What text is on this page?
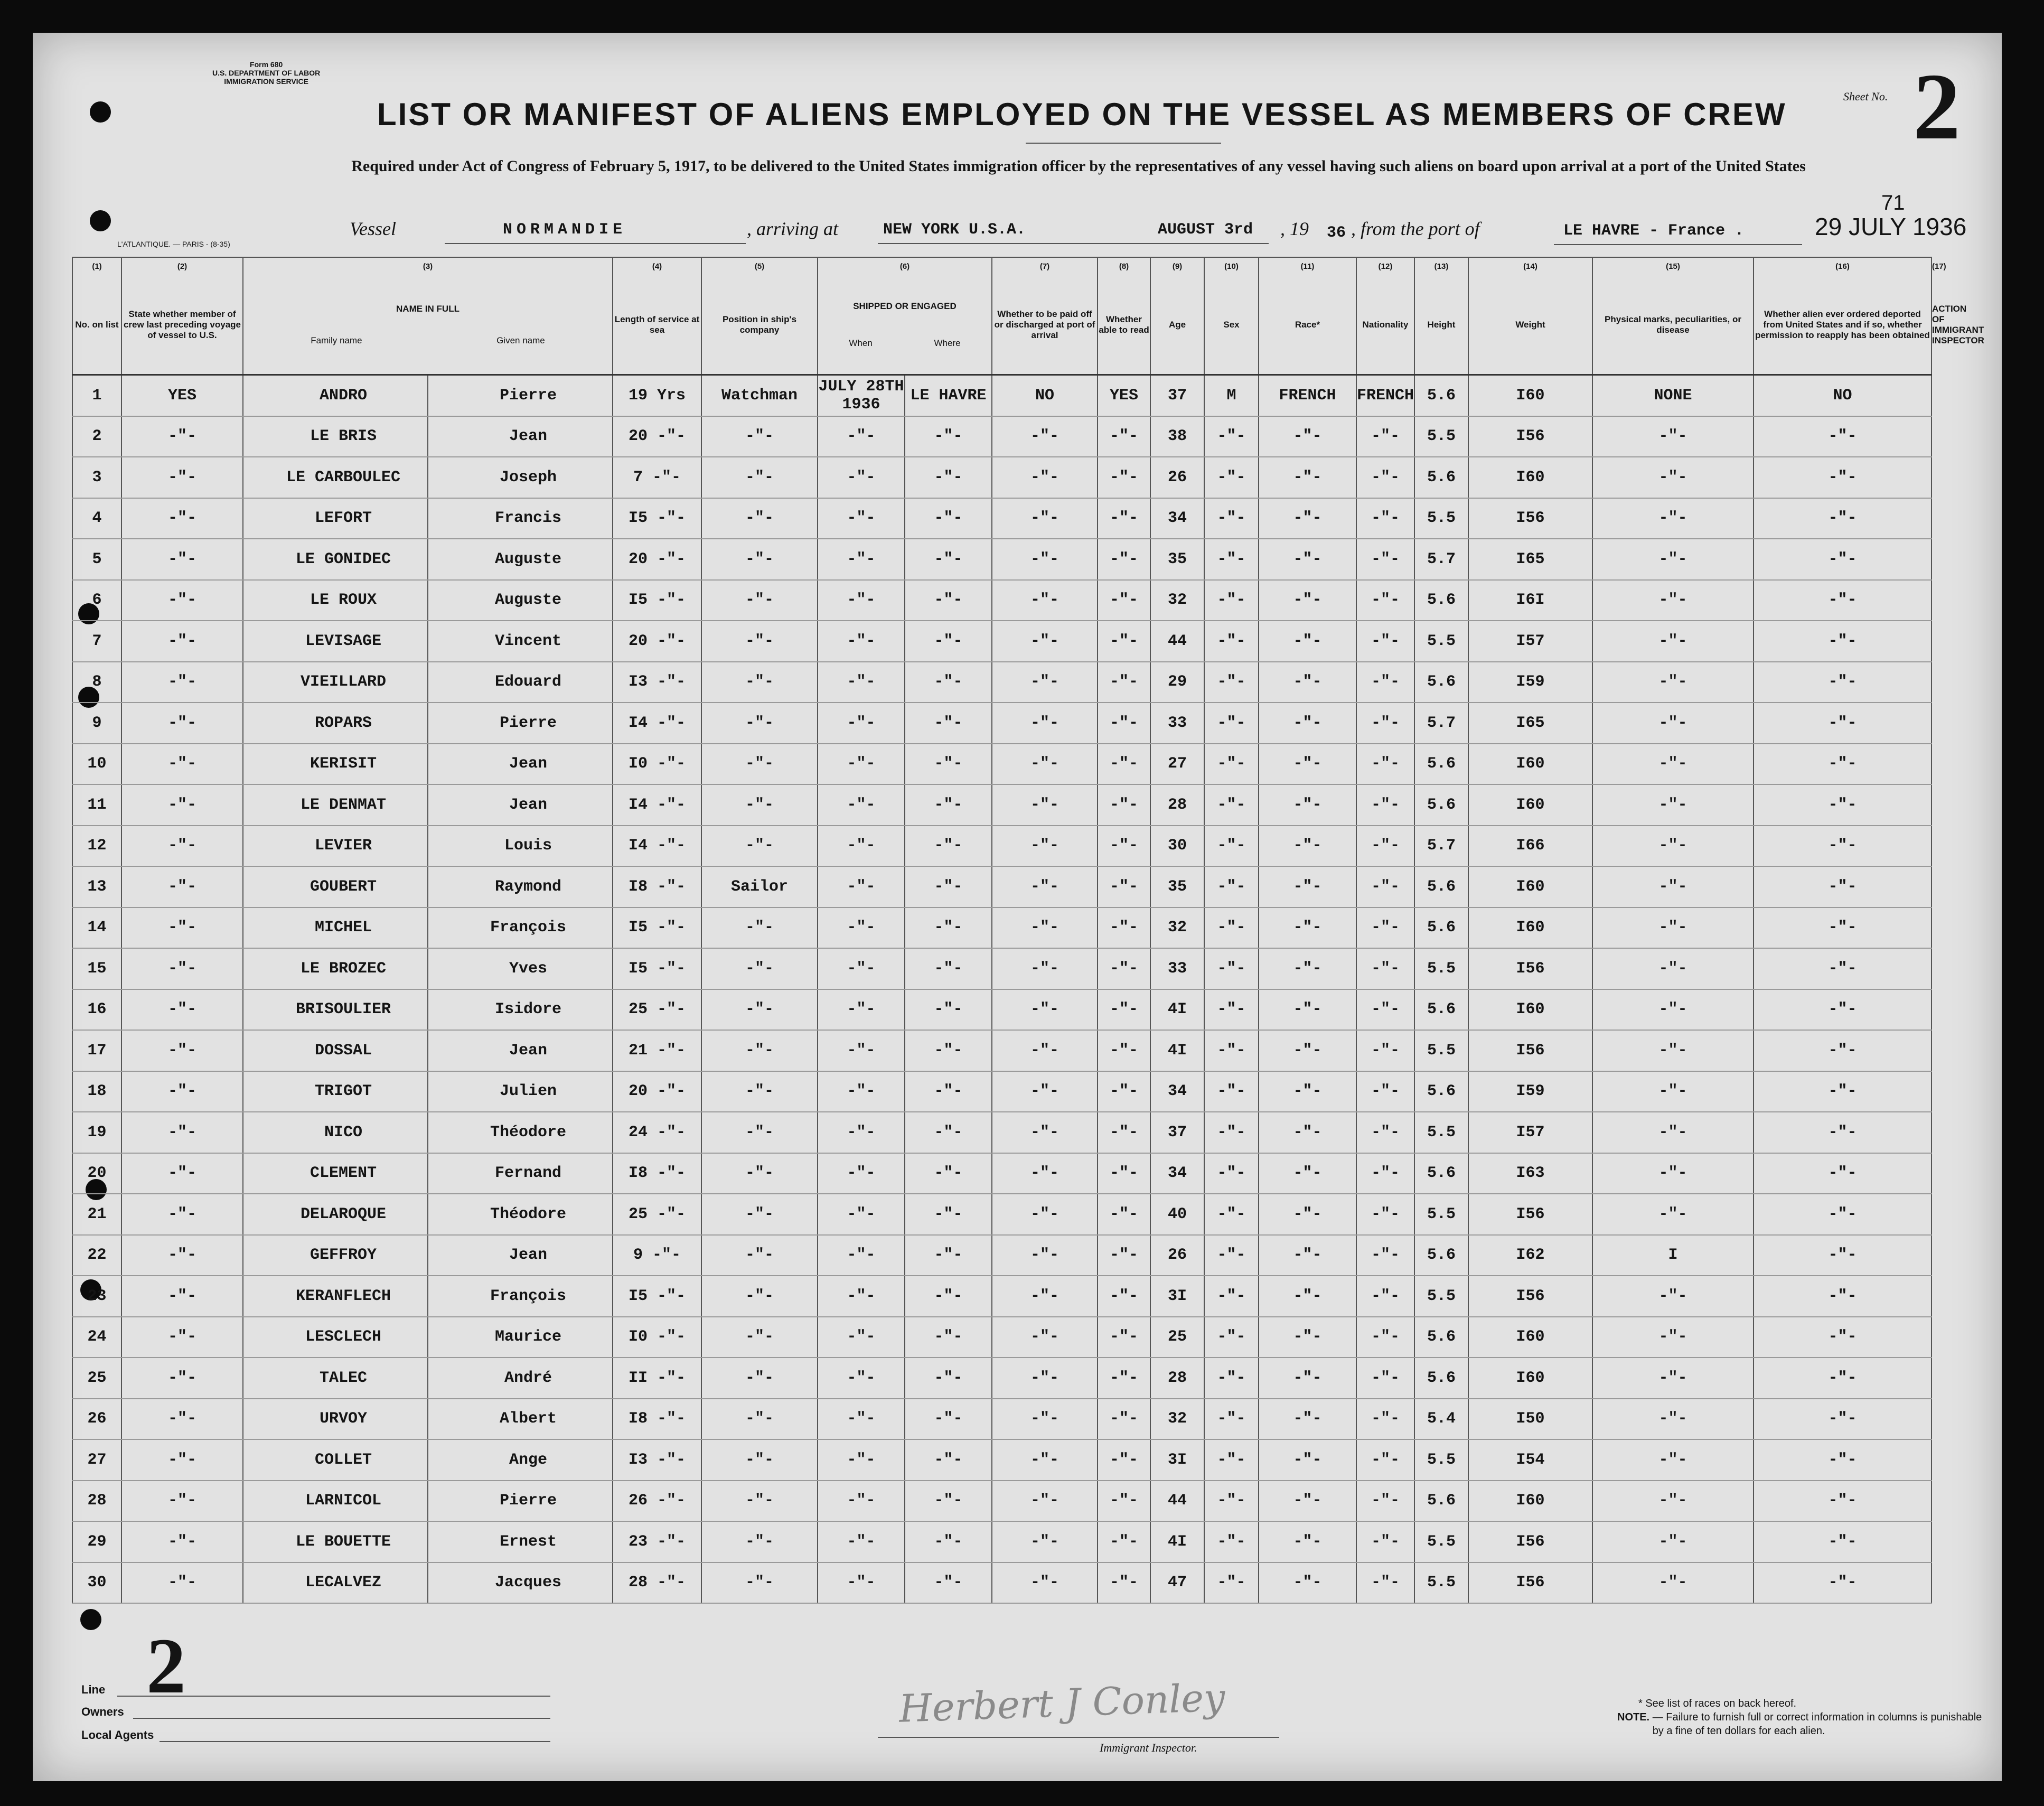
Form 680
U.S. DEPARTMENT OF LABOR
IMMIGRATION SERVICE
Sheet No. 2
LIST OR MANIFEST OF ALIENS EMPLOYED ON THE VESSEL AS MEMBERS OF CREW
Required under Act of Congress of February 5, 1917, to be delivered to the United States immigration officer by the representatives of any vessel having such aliens on board upon arrival at a port of the United States
Vessel	NORMANDIE	, arriving at	NEW YORK U.S.A.	AUGUST 3rd , 19 36 , from the port of	LE HAVRE - France .
71
29 JULY 1936
L'ATLANTIQUE. — PARIS - (8-35)
(1)	(2)	(3)		(4)	(5)	(6)		(7)	(8)	(9)	(10)	(11)	(12)	(13)	(14)	(15)	(16)	(17)
No. on list	State whether member of crew last preceding voyage of vessel to U.S.	NAME IN FULL
Family name Given name		Length of service at sea	Position in ship's company	SHIPPED OR ENGAGED
When Where		Whether to be paid off or discharged at port of arrival	Whether able to read	Age	Sex	Race*	Nationality	Height	Weight	Physical marks, peculiarities, or disease	Whether alien ever ordered deported from United States and if so, whether permission to reapply has been obtained	ACTION OF IMMIGRANT INSPECTOR
1	YES	ANDRO	Pierre	19 Yrs	Watchman	JULY 28TH 1936	LE HAVRE	NO	YES	37	M	FRENCH	FRENCH	5.6	I60	NONE	NO	
2	-"-	LE BRIS	Jean	20 -"-	-"-	-"-	-"-	-"-	-"-	38	-"-	-"-	-"-	5.5	I56	-"-	-"-	
3	-"-	LE CARBOULEC	Joseph	7 -"-	-"-	-"-	-"-	-"-	-"-	26	-"-	-"-	-"-	5.6	I60	-"-	-"-	
4	-"-	LEFORT	Francis	I5 -"-	-"-	-"-	-"-	-"-	-"-	34	-"-	-"-	-"-	5.5	I56	-"-	-"-	
5	-"-	LE GONIDEC	Auguste	20 -"-	-"-	-"-	-"-	-"-	-"-	35	-"-	-"-	-"-	5.7	I65	-"-	-"-	
6	-"-	LE ROUX	Auguste	I5 -"-	-"-	-"-	-"-	-"-	-"-	32	-"-	-"-	-"-	5.6	I6I	-"-	-"-	
7	-"-	LEVISAGE	Vincent	20 -"-	-"-	-"-	-"-	-"-	-"-	44	-"-	-"-	-"-	5.5	I57	-"-	-"-	
8	-"-	VIEILLARD	Edouard	I3 -"-	-"-	-"-	-"-	-"-	-"-	29	-"-	-"-	-"-	5.6	I59	-"-	-"-	
9	-"-	ROPARS	Pierre	I4 -"-	-"-	-"-	-"-	-"-	-"-	33	-"-	-"-	-"-	5.7	I65	-"-	-"-	
10	-"-	KERISIT	Jean	I0 -"-	-"-	-"-	-"-	-"-	-"-	27	-"-	-"-	-"-	5.6	I60	-"-	-"-	
11	-"-	LE DENMAT	Jean	I4 -"-	-"-	-"-	-"-	-"-	-"-	28	-"-	-"-	-"-	5.6	I60	-"-	-"-	
12	-"-	LEVIER	Louis	I4 -"-	-"-	-"-	-"-	-"-	-"-	30	-"-	-"-	-"-	5.7	I66	-"-	-"-	
13	-"-	GOUBERT	Raymond	I8 -"-	Sailor	-"-	-"-	-"-	-"-	35	-"-	-"-	-"-	5.6	I60	-"-	-"-	
14	-"-	MICHEL	François	I5 -"-	-"-	-"-	-"-	-"-	-"-	32	-"-	-"-	-"-	5.6	I60	-"-	-"-	
15	-"-	LE BROZEC	Yves	I5 -"-	-"-	-"-	-"-	-"-	-"-	33	-"-	-"-	-"-	5.5	I56	-"-	-"-	
16	-"-	BRISOULIER	Isidore	25 -"-	-"-	-"-	-"-	-"-	-"-	4I	-"-	-"-	-"-	5.6	I60	-"-	-"-	
17	-"-	DOSSAL	Jean	21 -"-	-"-	-"-	-"-	-"-	-"-	4I	-"-	-"-	-"-	5.5	I56	-"-	-"-	
18	-"-	TRIGOT	Julien	20 -"-	-"-	-"-	-"-	-"-	-"-	34	-"-	-"-	-"-	5.6	I59	-"-	-"-	
19	-"-	NICO	Théodore	24 -"-	-"-	-"-	-"-	-"-	-"-	37	-"-	-"-	-"-	5.5	I57	-"-	-"-	
20	-"-	CLEMENT	Fernand	I8 -"-	-"-	-"-	-"-	-"-	-"-	34	-"-	-"-	-"-	5.6	I63	-"-	-"-	
21	-"-	DELAROQUE	Théodore	25 -"-	-"-	-"-	-"-	-"-	-"-	40	-"-	-"-	-"-	5.5	I56	-"-	-"-	
22	-"-	GEFFROY	Jean	9 -"-	-"-	-"-	-"-	-"-	-"-	26	-"-	-"-	-"-	5.6	I62	I	-"-	
23	-"-	KERANFLECH	François	I5 -"-	-"-	-"-	-"-	-"-	-"-	3I	-"-	-"-	-"-	5.5	I56	-"-	-"-	
24	-"-	LESCLECH	Maurice	I0 -"-	-"-	-"-	-"-	-"-	-"-	25	-"-	-"-	-"-	5.6	I60	-"-	-"-	
25	-"-	TALEC	André	II -"-	-"-	-"-	-"-	-"-	-"-	28	-"-	-"-	-"-	5.6	I60	-"-	-"-	
26	-"-	URVOY	Albert	I8 -"-	-"-	-"-	-"-	-"-	-"-	32	-"-	-"-	-"-	5.4	I50	-"-	-"-	
27	-"-	COLLET	Ange	I3 -"-	-"-	-"-	-"-	-"-	-"-	3I	-"-	-"-	-"-	5.5	I54	-"-	-"-	
28	-"-	LARNICOL	Pierre	26 -"-	-"-	-"-	-"-	-"-	-"-	44	-"-	-"-	-"-	5.6	I60	-"-	-"-	
29	-"-	LE BOUETTE	Ernest	23 -"-	-"-	-"-	-"-	-"-	-"-	4I	-"-	-"-	-"-	5.5	I56	-"-	-"-	
30	-"-	LECALVEZ	Jacques	28 -"-	-"-	-"-	-"-	-"-	-"-	47	-"-	-"-	-"-	5.5	I56	-"-	-"-	
Line
Owners
Local Agents
2	Herbert J Conley
Immigrant Inspector.
* See list of races on back hereof.
NOTE. — Failure to furnish full or correct information in columns is punishable by a fine of ten dollars for each alien.
